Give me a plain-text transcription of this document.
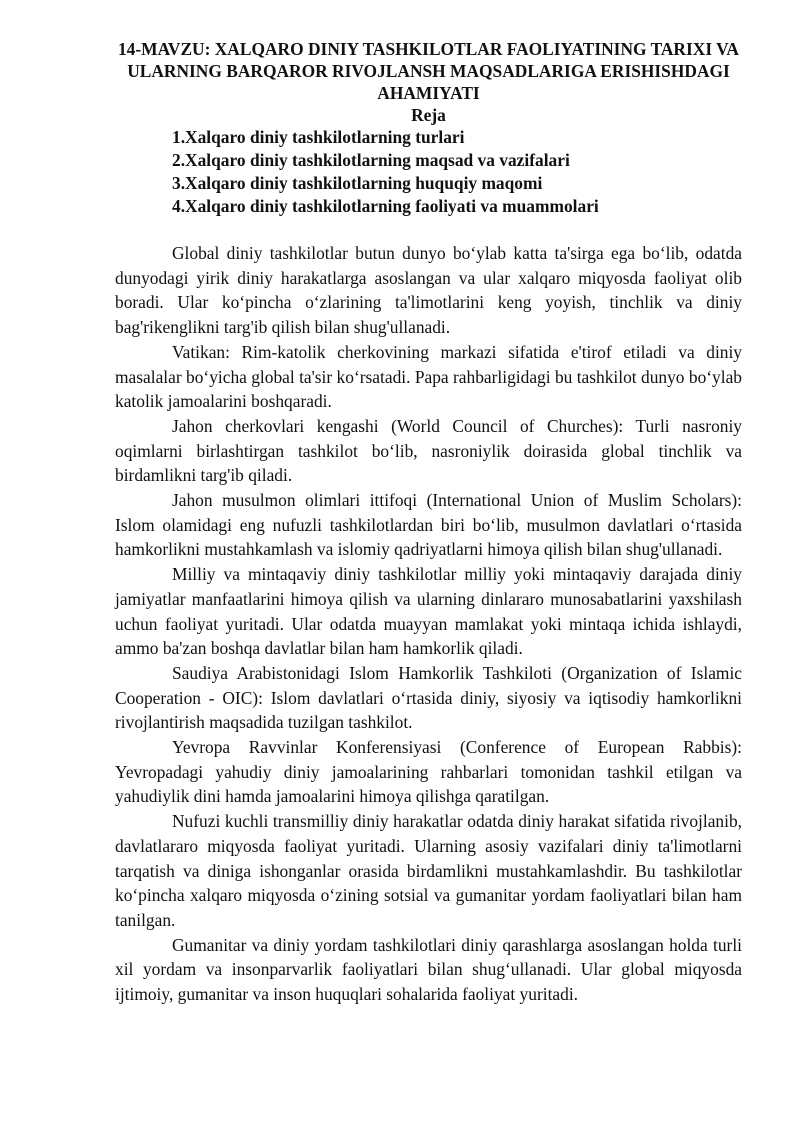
14-MAVZU: XALQARO DINIY TASHKILOTLAR FAOLIYATINING TARIXI VA ULARNING BARQAROR RIVOJLANSH MAQSADLARIGA ERISHISHDAGI AHAMIYATI
Reja
1.Xalqaro diniy tashkilotlarning turlari
2.Xalqaro diniy tashkilotlarning maqsad va vazifalari
3.Xalqaro diniy tashkilotlarning huquqiy maqomi
4.Xalqaro diniy tashkilotlarning faoliyati va muammolari

Global diniy tashkilotlar butun dunyo bo‘ylab katta ta'sirga ega bo‘lib, odatda dunyodagi yirik diniy harakatlarga asoslangan va ular xalqaro miqyosda faoliyat olib boradi. Ular ko‘pincha o‘zlarining ta'limotlarini keng yoyish, tinchlik va diniy bag'rikenglikni targ'ib qilish bilan shug'ullanadi.

Vatikan: Rim-katolik cherkovining markazi sifatida e'tirof etiladi va diniy masalalar bo‘yicha global ta'sir ko‘rsatadi. Papa rahbarligidagi bu tashkilot dunyo bo‘ylab katolik jamoalarini boshqaradi.

Jahon cherkovlari kengashi (World Council of Churches): Turli nasroniy oqimlarni birlashtirgan tashkilot bo‘lib, nasroniylik doirasida global tinchlik va birdamlikni targ'ib qiladi.

Jahon musulmon olimlari ittifoqi (International Union of Muslim Scholars): Islom olamidagi eng nufuzli tashkilotlardan biri bo‘lib, musulmon davlatlari o‘rtasida hamkorlikni mustahkamlash va islomiy qadriyatlarni himoya qilish bilan shug'ullanadi.

Milliy va mintaqaviy diniy tashkilotlar milliy yoki mintaqaviy darajada diniy jamiyatlar manfaatlarini himoya qilish va ularning dinlararo munosabatlarini yaxshilash uchun faoliyat yuritadi. Ular odatda muayyan mamlakat yoki mintaqa ichida ishlaydi, ammo ba'zan boshqa davlatlar bilan ham hamkorlik qiladi.

Saudiya Arabistonidagi Islom Hamkorlik Tashkiloti (Organization of Islamic Cooperation - OIC): Islom davlatlari o‘rtasida diniy, siyosiy va iqtisodiy hamkorlikni rivojlantirish maqsadida tuzilgan tashkilot.

Yevropa Ravvinlar Konferensiyasi (Conference of European Rabbis): Yevropadagi yahudiy diniy jamoalarining rahbarlari tomonidan tashkil etilgan va yahudiylik dini hamda jamoalarini himoya qilishga qaratilgan.

Nufuzi kuchli transmilliy diniy harakatlar odatda diniy harakat sifatida rivojlanib, davlatlararo miqyosda faoliyat yuritadi. Ularning asosiy vazifalari diniy ta'limotlarni tarqatish va diniga ishonganlar orasida birdamlikni mustahkamlashdir. Bu tashkilotlar ko‘pincha xalqaro miqyosda o‘zining sotsial va gumanitar yordam faoliyatlari bilan ham tanilgan.

Gumanitar va diniy yordam tashkilotlari diniy qarashlarga asoslangan holda turli xil yordam va insonparvarlik faoliyatlari bilan shug‘ullanadi. Ular global miqyosda ijtimoiy, gumanitar va inson huquqlari sohalarida faoliyat yuritadi.
